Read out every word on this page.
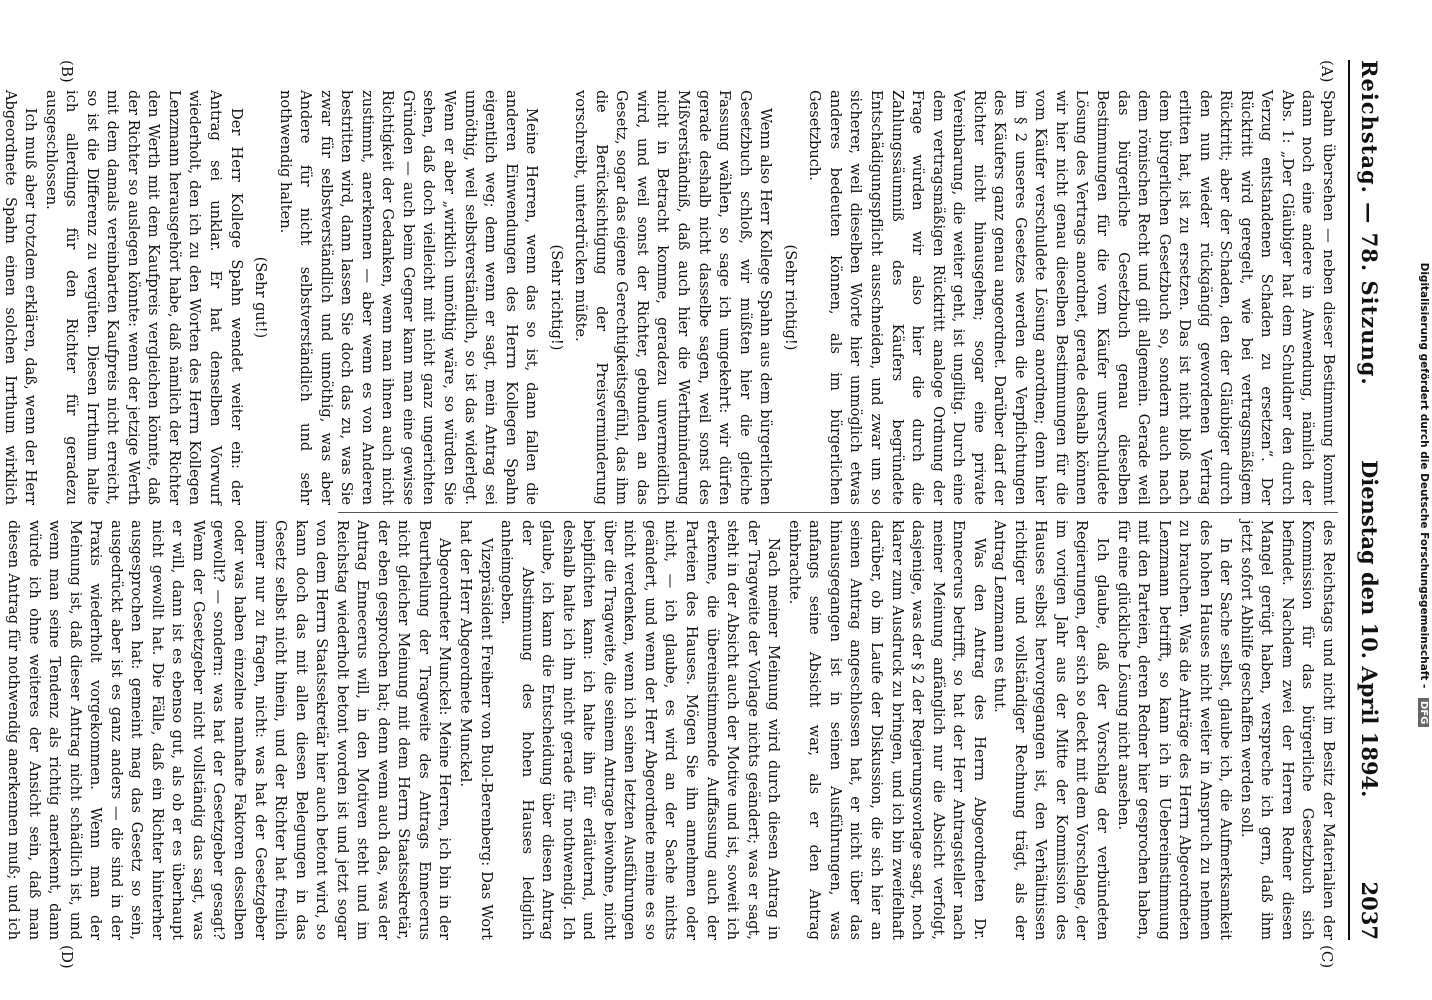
Reichstag. — 78. Sitzung.
Dienstag den 10. April 1894.
2037
(A)
(B)
(C)
(D)

Spahn übersehen — neben dieser Bestimmung kommt dann noch eine andere in Anwendung, nämlich der Abs. 1: „Der Gläubiger hat dem Schuldner den durch Verzug entstandenen Schaden zu ersetzen“. Der Rücktritt wird geregelt, wie bei vertragsmäßigem Rücktritt; aber der Schaden, den der Gläubiger durch den nun wieder rückgängig gewordenen Vertrag erlitten hat, ist zu ersetzen. Das ist nicht bloß nach dem bürgerlichen Gesetzbuch so, sondern auch nach dem römischen Recht und gilt allgemein. Gerade weil das bürgerliche Gesetzbuch genau dieselben Bestimmungen für die vom Käufer unverschuldete Lösung des Vertrags anordnet, gerade deshalb können wir hier nicht genau dieselben Bestimmungen für die vom Käufer verschuldete Lösung anordnen; denn hier im § 2 unseres Gesetzes werden die Verpflichtungen des Käufers ganz genau angeordnet. Darüber darf der Richter nicht hinausgehen; sogar eine private Vereinbarung, die weiter geht, ist ungiltig. Durch eine dem vertragsmäßigen Rücktritt analoge Ordnung der Frage würden wir also hier die durch die Zahlungssäumniß des Käufers begründete Entschädigungspflicht ausschneiden, und zwar um so sicherer, weil dieselben Worte hier unmöglich etwas anderes bedeuten können, als im bürgerlichen Gesetzbuch.

(Sehr richtig!)

Wenn also Herr Kollege Spahn aus dem bürgerlichen Gesetzbuch schloß, wir müßten hier die gleiche Fassung wählen, so sage ich umgekehrt: wir dürfen gerade deshalb nicht dasselbe sagen, weil sonst des Mißverständniß, daß auch hier die Werthminderung nicht in Betracht komme, geradezu unvermeidlich wird, und weil sonst der Richter, gebunden an das Gesetz, sogar das eigene Gerechtigkeitsgefühl, das ihm die Berücksichtigung der Preisverminderung vorschreibt, unterdrücken müßte.

(Sehr richtig!)

Meine Herren, wenn das so ist, dann fallen die anderen Einwendungen des Herrn Kollegen Spahn eigentlich weg; denn wenn er sagt, mein Antrag sei unnöthig, weil selbstverständlich, so ist das widerlegt. Wenn er aber „wirklich unnöthig wäre, so würden Sie sehen, daß doch vielleicht mit nicht ganz ungerichten Gründen — auch beim Gegner kann man eine gewisse Richtigkeit der Gedanken, wenn man ihnen auch nicht zustimmt, anerkennen — aber wenn es von Anderen bestritten wird, dann lassen Sie doch das zu, was Sie zwar für selbstverständlich und unnöthig, was aber Andere für nicht selbstverständlich und sehr nothwendig halten.

(Sehr gut!)

Der Herr Kollege Spahn wendet weiter ein: der Antrag sei unklar. Er hat denselben Vorwurf wiederholt, den ich zu den Worten des Herrn Kollegen Lenzmann herausgehört habe, daß nämlich der Richter den Werth mit dem Kaufpreis vergleichen könnte, daß der Richter so auslegen könnte: wenn der jetzige Werth mit dem damals vereinbarten Kaufpreis nicht erreicht, so ist die Differenz zu vergüten. Diesen Irrthum halte ich allerdings für den Richter für geradezu ausgeschlossen.

Ich muß aber trotzdem erklären, daß, wenn der Herr Abgeordnete Spahn einen solchen Irrthum wirklich

des Reichstags und nicht im Besitz der Materialien der Kommission für das bürgerliche Gesetzbuch sich befindet. Nachdem zwei der Herren Redner diesen Mangel gerügt haben, verspreche ich gern, daß ihm jetzt sofort Abhilfe geschaffen werden soll.

In der Sache selbst, glaube ich, die Aufmerksamkeit des hohen Hauses nicht weiter in Anspruch zu nehmen zu brauchen. Was die Anträge des Herrn Abgeordneten Lenzmann betrifft, so kann ich in Uebereinstimmung mit den Parteien, deren Redner hier gesprochen haben, für eine glückliche Lösung nicht ansehen.

Ich glaube, daß der Vorschlag der verbündeten Regierungen, der sich so deckt mit dem Vorschlage, der im vorigen Jahr aus der Mitte der Kommission des Hauses selbst hervorgegangen ist, den Verhältnissen richtiger und vollständiger Rechnung trägt, als der Antrag Lenzmann es thut.

Was den Antrag des Herrn Abgeordneten Dr. Ennecerus betrifft, so hat der Herr Antragsteller nach meiner Meinung anfänglich nur die Absicht verfolgt, dasjenige, was der § 2 der Regierungsvorlage sagt, noch klarer zum Ausdruck zu bringen, und ich bin zweifelhaft darüber, ob im Laufe der Diskussion, die sich hier an seinen Antrag angeschlossen hat, er nicht über das hinausgegangen ist in seinen Ausführungen, was anfangs seine Absicht war, als er den Antrag einbrachte.

Nach meiner Meinung wird durch diesen Antrag in der Tragweite der Vorlage nichts geändert; was er sagt, steht in der Absicht auch der Motive und ist, soweit ich erkenne, die übereinstimmende Auffassung auch der Parteien des Hauses. Mögen Sie ihn annehmen oder nicht, — ich glaube, es wird an der Sache nichts geändert, und wenn der Herr Abgeordnete meine es so nicht verdenken, wenn ich seinen letzten Ausführungen über die Tragweite, die seinem Antrage beiwohne, nicht beipflichten kann: ich halte ihn für erläuternd, und deshalb halte ich ihn nicht gerade für nothwendig. Ich glaube, ich kann die Entscheidung über diesen Antrag der Abstimmung des hohen Hauses lediglich anheimgeben.

Vizepräsident Freiherr von Buol-Berenberg: Das Wort hat der Herr Abgeordnete Munckel.

Abgeordneter Munckel: Meine Herren, ich bin in der Beurtheilung der Tragweite des Antrags Ennecerus nicht gleicher Meinung mit dem Herrn Staatssekretär, der eben gesprochen hat; denn wenn auch das, was der Antrag Ennecerus will, in den Motiven steht und im Reichstag wiederholt betont worden ist und jetzt sogar von dem Herrn Staatssekretär hier auch betont wird, so kann doch das mit allen diesen Belegungen in das Gesetz selbst nicht hinein, und der Richter hat freilich immer nur zu fragen, nicht: was hat der Gesetzgeber oder was haben einzelne namhafte Faktoren desselben gewollt? — sondern: was hat der Gesetzgeber gesagt? Wenn der Gesetzgeber nicht vollständig das sagt, was er will, dann ist es ebenso gut, als ob er es überhaupt nicht gewollt hat. Die Fälle, daß ein Richter hinterher ausgesprochen hat: gemeint mag das Gesetz so sein, ausgedrückt aber ist es ganz anders — die sind in der Praxis wiederholt vorgekommen. Wenn man der Meinung ist, daß dieser Antrag nicht schädlich ist, und wenn man seine Tendenz als richtig anerkennt, dann würde ich ohne weiteres der Ansicht sein, daß man diesen Antrag für nothwendig anerkennen muß; und ich

Digitalisierung gefördert durch die Deutsche Forschungsgemeinschaft - DFG
